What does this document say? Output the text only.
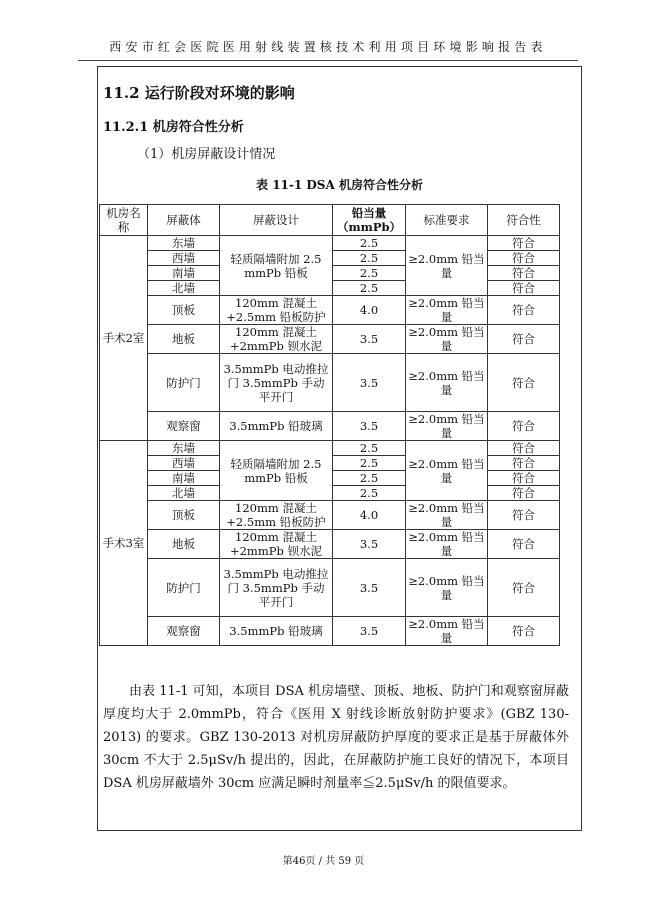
西安市红会医院医用射线装置核技术利用项目环境影响报告表
11.2 运行阶段对环境的影响
11.2.1 机房符合性分析
（1）机房屏蔽设计情况
表 11-1 DSA 机房符合性分析
机房名称	屏蔽体	屏蔽设计	铅当量（mmPb）	标准要求	符合性
手术2室	东墙	轻质隔墙附加 2.5 mmPb 铅板	2.5	≥2.0mm 铅当量	符合
	西墙		2.5		符合
	南墙		2.5		符合
	北墙		2.5		符合
	顶板	120mm 混凝土 +2.5mm 铅板防护	4.0	≥2.0mm 铅当量	符合
	地板	120mm 混凝土 +2mmPb 钡水泥	3.5	≥2.0mm 铅当量	符合
	防护门	3.5mmPb 电动推拉门 3.5mmPb 手动平开门	3.5	≥2.0mm 铅当量	符合
	观察窗	3.5mmPb 铅玻璃	3.5	≥2.0mm 铅当量	符合
手术3室	东墙	轻质隔墙附加 2.5 mmPb 铅板	2.5	≥2.0mm 铅当量	符合
	西墙		2.5		符合
	南墙		2.5		符合
	北墙		2.5		符合
	顶板	120mm 混凝土 +2.5mm 铅板防护	4.0	≥2.0mm 铅当量	符合
	地板	120mm 混凝土 +2mmPb 钡水泥	3.5	≥2.0mm 铅当量	符合
	防护门	3.5mmPb 电动推拉门 3.5mmPb 手动平开门	3.5	≥2.0mm 铅当量	符合
	观察窗	3.5mmPb 铅玻璃	3.5	≥2.0mm 铅当量	符合

由表 11-1 可知，本项目 DSA 机房墙壁、顶板、地板、防护门和观察窗屏蔽厚度均大于 2.0mmPb，符合《医用 X 射线诊断放射防护要求》(GBZ 130-2013) 的要求。GBZ 130-2013 对机房屏蔽防护厚度的要求正是基于屏蔽体外 30cm 不大于 2.5μSv/h 提出的，因此，在屏蔽防护施工良好的情况下，本项目 DSA 机房屏蔽墙外 30cm 应满足瞬时剂量率≦2.5μSv/h 的限值要求。

第46页 / 共 59 页
